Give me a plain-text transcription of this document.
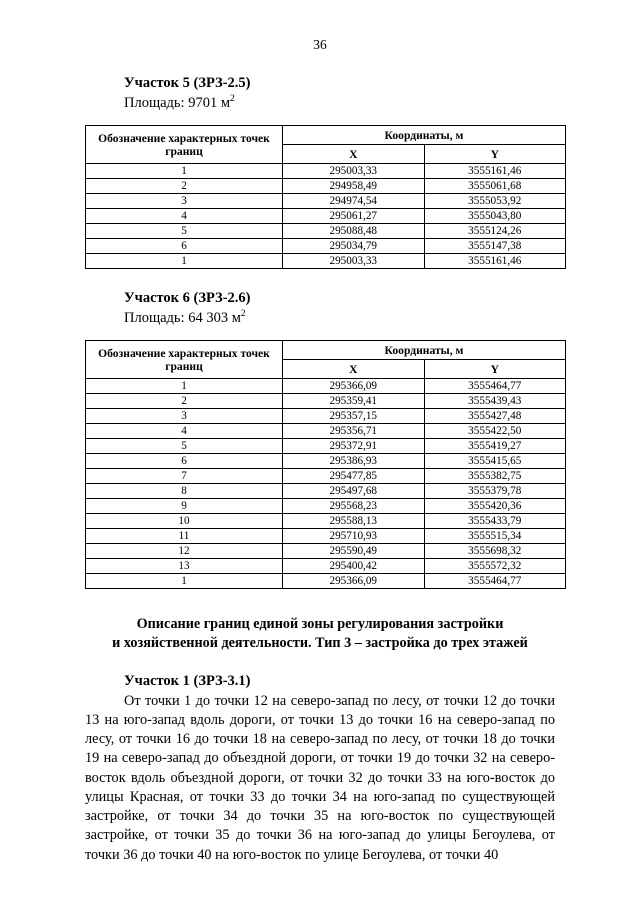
36
Участок 5 (ЗРЗ-2.5)
Площадь: 9701 $м^2$
Обозначение характерных точек границ	Координаты, м	
	X	Y
1	295003,33	3555161,46
2	294958,49	3555061,68
3	294974,54	3555053,92
4	295061,27	3555043,80
5	295088,48	3555124,26
6	295034,79	3555147,38
1	295003,33	3555161,46
Участок 6 (ЗРЗ-2.6)
Площадь: 64 303 $м^2$
Обозначение характерных точек границ	Координаты, м	
	X	Y
1	295366,09	3555464,77
2	295359,41	3555439,43
3	295357,15	3555427,48
4	295356,71	3555422,50
5	295372,91	3555419,27
6	295386,93	3555415,65
7	295477,85	3555382,75
8	295497,68	3555379,78
9	295568,23	3555420,36
10	295588,13	3555433,79
11	295710,93	3555515,34
12	295590,49	3555698,32
13	295400,42	3555572,32
1	295366,09	3555464,77
Описание границ единой зоны регулирования застройки
и хозяйственной деятельности. Тип 3 – застройка до трех этажей
Участок 1 (ЗРЗ-3.1)

От точки 1 до точки 12 на северо-запад по лесу, от точки 12 до точки 13 на юго-запад вдоль дороги, от точки 13 до точки 16 на северо-запад по лесу, от точки 16 до точки 18 на северо-запад по лесу, от точки 18 до точки 19 на северо-запад до объездной дороги, от точки 19 до точки 32 на северо-восток вдоль объездной дороги, от точки 32 до точки 33 на юго-восток до улицы Красная, от точки 33 до точки 34 на юго-запад по существующей застройке, от точки 34 до точки 35 на юго-восток по существующей застройке, от точки 35 до точки 36 на юго-запад до улицы Бегоулева, от точки 36 до точки 40 на юго-восток по улице Бегоулева, от точки 40
